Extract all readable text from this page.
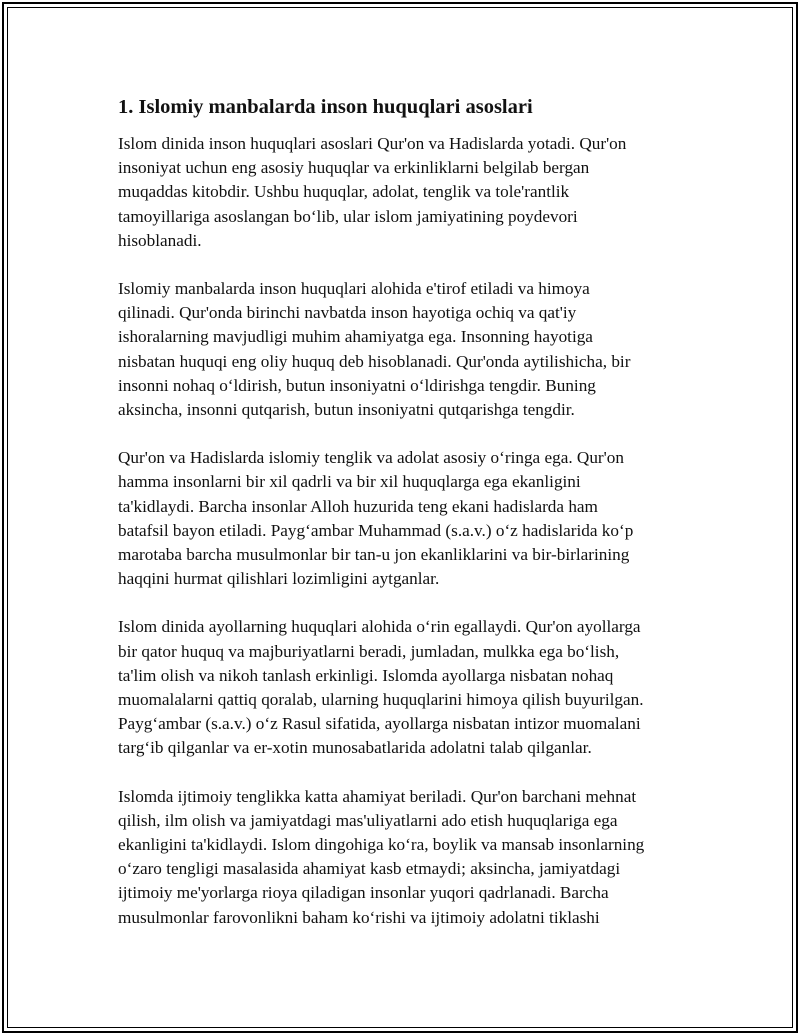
1. Islomiy manbalarda inson huquqlari asoslari

Islom dinida inson huquqlari asoslari Qur'on va Hadislarda yotadi. Qur'on
insoniyat uchun eng asosiy huquqlar va erkinliklarni belgilab bergan
muqaddas kitobdir. Ushbu huquqlar, adolat, tenglik va tole'rantlik
tamoyillariga asoslangan boʻlib, ular islom jamiyatining poydevori
hisoblanadi.

Islomiy manbalarda inson huquqlari alohida e'tirof etiladi va himoya
qilinadi. Qur'onda birinchi navbatda inson hayotiga ochiq va qat'iy
ishoralarning mavjudligi muhim ahamiyatga ega. Insonning hayotiga
nisbatan huquqi eng oliy huquq deb hisoblanadi. Qur'onda aytilishicha, bir
insonni nohaq oʻldirish, butun insoniyatni oʻldirishga tengdir. Buning
aksincha, insonni qutqarish, butun insoniyatni qutqarishga tengdir.

Qur'on va Hadislarda islomiy tenglik va adolat asosiy oʻringa ega. Qur'on
hamma insonlarni bir xil qadrli va bir xil huquqlarga ega ekanligini
ta'kidlaydi. Barcha insonlar Alloh huzurida teng ekani hadislarda ham
batafsil bayon etiladi. Paygʻambar Muhammad (s.a.v.) oʻz hadislarida koʻp
marotaba barcha musulmonlar bir tan-u jon ekanliklarini va bir-birlarining
haqqini hurmat qilishlari lozimligini aytganlar.

Islom dinida ayollarning huquqlari alohida oʻrin egallaydi. Qur'on ayollarga
bir qator huquq va majburiyatlarni beradi, jumladan, mulkka ega boʻlish,
ta'lim olish va nikoh tanlash erkinligi. Islomda ayollarga nisbatan nohaq
muomalalarni qattiq qoralab, ularning huquqlarini himoya qilish buyurilgan.
Paygʻambar (s.a.v.) oʻz Rasul sifatida, ayollarga nisbatan intizor muomalani
targʻib qilganlar va er-xotin munosabatlarida adolatni talab qilganlar.

Islomda ijtimoiy tenglikka katta ahamiyat beriladi. Qur'on barchani mehnat
qilish, ilm olish va jamiyatdagi mas'uliyatlarni ado etish huquqlariga ega
ekanligini ta'kidlaydi. Islom dingohiga koʻra, boylik va mansab insonlarning
oʻzaro tengligi masalasida ahamiyat kasb etmaydi; aksincha, jamiyatdagi
ijtimoiy me'yorlarga rioya qiladigan insonlar yuqori qadrlanadi. Barcha
musulmonlar farovonlikni baham koʻrishi va ijtimoiy adolatni tiklashi
